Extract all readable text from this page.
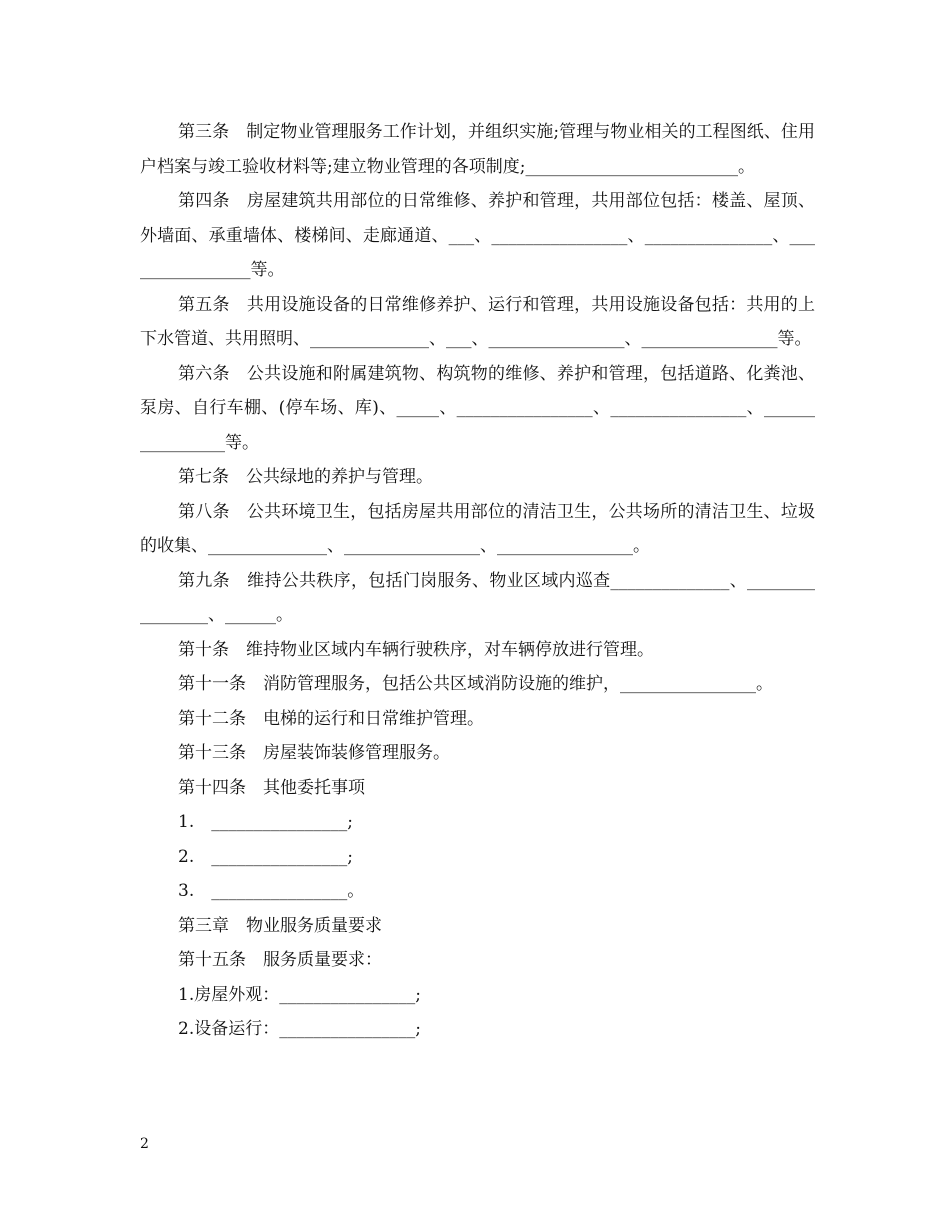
第三条　制定物业管理服务工作计划，并组织实施;管理与物业相关的工程图纸、住用户档案与竣工验收材料等;建立物业管理的各项制度;_________________________。

第四条　房屋建筑共用部位的日常维修、养护和管理，共用部位包括：楼盖、屋顶、外墙面、承重墙体、楼梯间、走廊通道、___、________________、_______________、________________等。

第五条　共用设施设备的日常维修养护、运行和管理，共用设施设备包括：共用的上下水管道、共用照明、______________、___、________________、________________等。

第六条　公共设施和附属建筑物、构筑物的维修、养护和管理，包括道路、化粪池、泵房、自行车棚、(停车场、库)、_____、________________、________________、________________等。

第七条　公共绿地的养护与管理。

第八条　公共环境卫生，包括房屋共用部位的清洁卫生，公共场所的清洁卫生、垃圾的收集、______________、________________、________________。

第九条　维持公共秩序，包括门岗服务、物业区域内巡查______________、________________、______。

第十条　维持物业区域内车辆行驶秩序，对车辆停放进行管理。

第十一条　消防管理服务，包括公共区域消防设施的维护，________________。

第十二条　电梯的运行和日常维护管理。

第十三条　房屋装饰装修管理服务。

第十四条　其他委托事项

1.　________________;

2.　________________;

3.　________________。

第三章　物业服务质量要求

第十五条　服务质量要求：

1.房屋外观：________________;

2.设备运行：________________;

2
